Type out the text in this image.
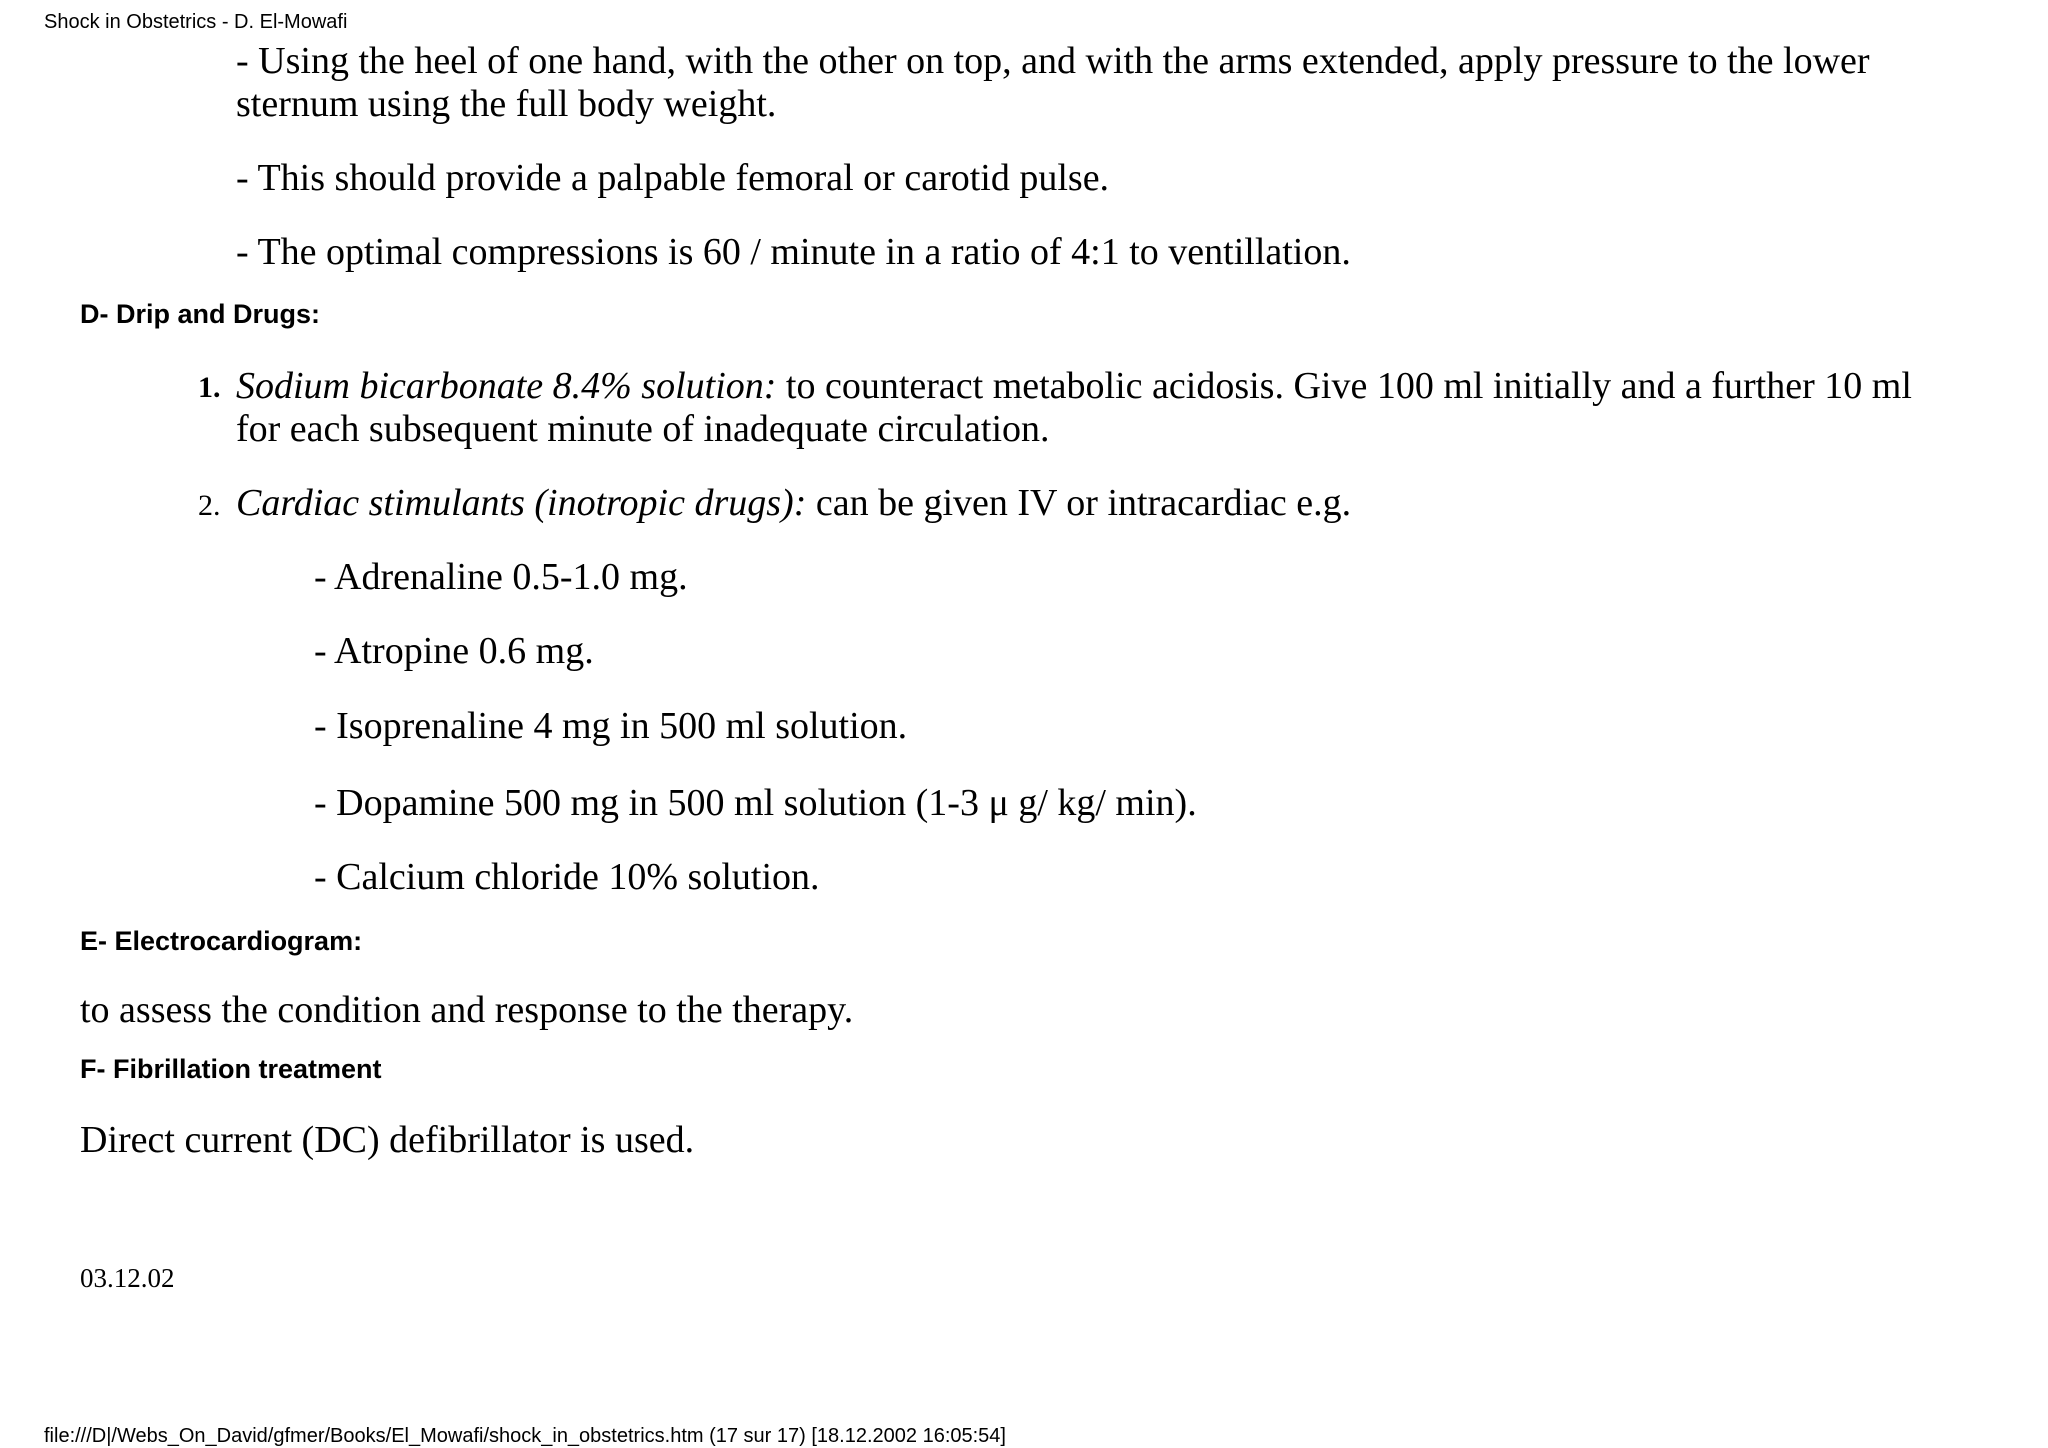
Shock in Obstetrics - D. El-Mowafi
- Using the heel of one hand, with the other on top, and with the arms extended, apply pressure to the lower sternum using the full body weight.
- This should provide a palpable femoral or carotid pulse.
- The optimal compressions is 60 / minute in a ratio of 4:1 to ventillation.
D- Drip and Drugs:
1. Sodium bicarbonate 8.4% solution: to counteract metabolic acidosis. Give 100 ml initially and a further 10 ml for each subsequent minute of inadequate circulation.
2. Cardiac stimulants (inotropic drugs): can be given IV or intracardiac e.g.
- Adrenaline 0.5-1.0 mg.
- Atropine 0.6 mg.
- Isoprenaline 4 mg in 500 ml solution.
- Dopamine 500 mg in 500 ml solution (1-3 μ g/ kg/ min).
- Calcium chloride 10% solution.
E- Electrocardiogram:
to assess the condition and response to the therapy.
F- Fibrillation treatment
Direct current (DC) defibrillator is used.
03.12.02
file:///D|/Webs_On_David/gfmer/Books/El_Mowafi/shock_in_obstetrics.htm (17 sur 17) [18.12.2002 16:05:54]
